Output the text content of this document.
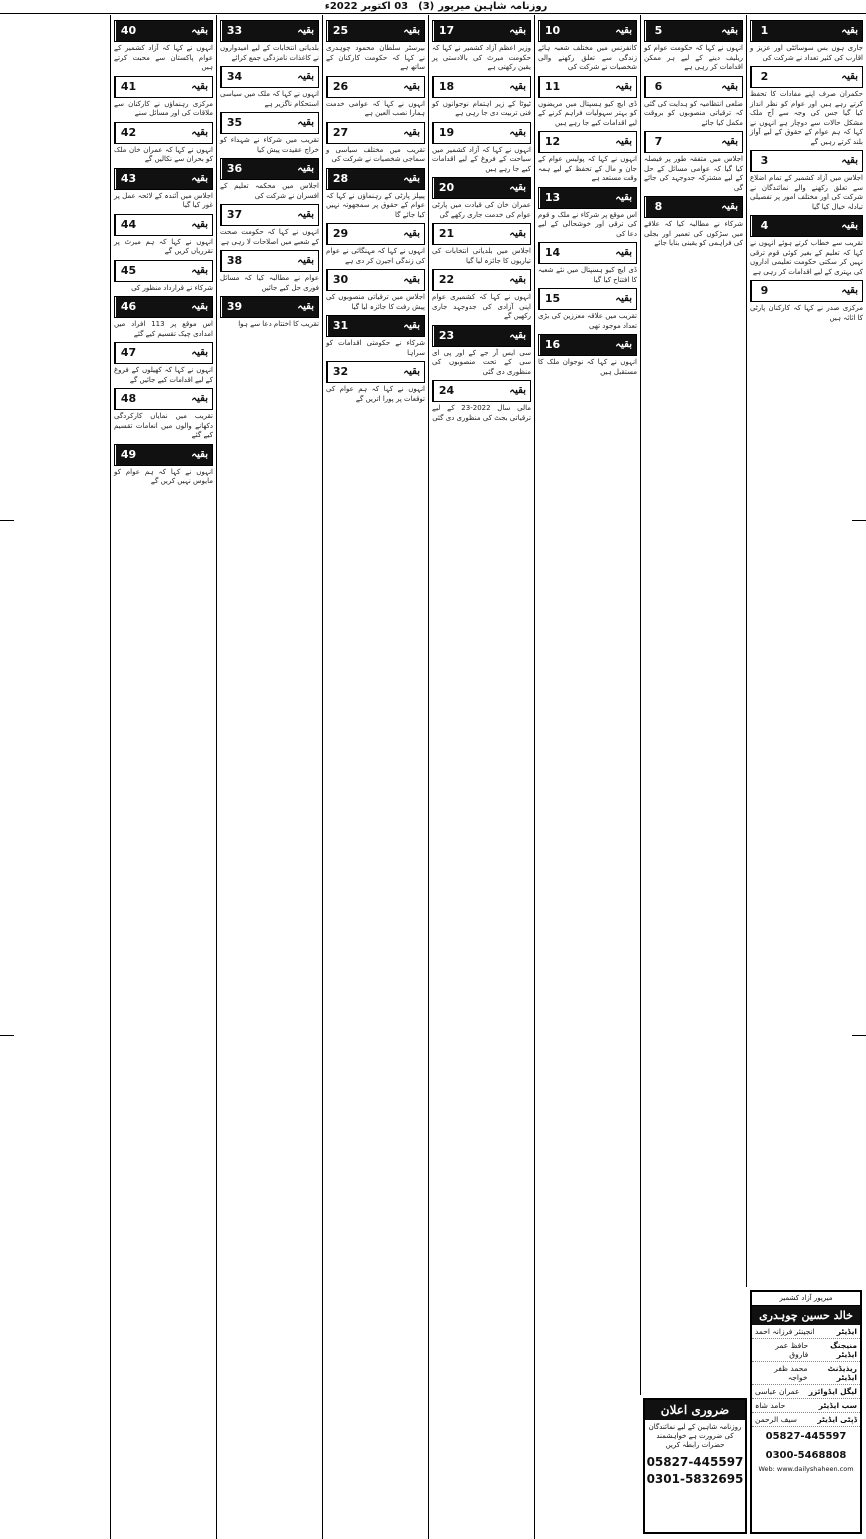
روزنامہ شاہین میرپور
(3)
03 اکتوبر 2022ء
بقیہ
1
جاری ہوں بس سوسائٹی اور عزیز و اقارب کی کثیر تعداد نے شرکت کی
بقیہ
2
حکمران صرف اپنے مفادات کا تحفظ کرتے رہے ہیں اور عوام کو نظر انداز کیا گیا جس کی وجہ سے آج ملک مشکل حالات سے دوچار ہے انہوں نے کہا کہ ہم عوام کے حقوق کے لیے آواز بلند کرتے رہیں گے
بقیہ
3
اجلاس میں آزاد کشمیر کے تمام اضلاع سے تعلق رکھنے والے نمائندگان نے شرکت کی اور مختلف امور پر تفصیلی تبادلہ خیال کیا گیا
بقیہ
4
تقریب سے خطاب کرتے ہوئے انہوں نے کہا کہ تعلیم کے بغیر کوئی قوم ترقی نہیں کر سکتی حکومت تعلیمی اداروں کی بہتری کے لیے اقدامات کر رہی ہے
بقیہ
9
مرکزی صدر نے کہا کہ کارکنان پارٹی کا اثاثہ ہیں
بقیہ
5
انہوں نے کہا کہ حکومت عوام کو ریلیف دینے کے لیے ہر ممکن اقدامات کر رہی ہے
بقیہ
6
ضلعی انتظامیہ کو ہدایت کی گئی کہ ترقیاتی منصوبوں کو بروقت مکمل کیا جائے
بقیہ
7
اجلاس میں متفقہ طور پر فیصلہ کیا گیا کہ عوامی مسائل کے حل کے لیے مشترکہ جدوجہد کی جائے گی
بقیہ
8
شرکاء نے مطالبہ کیا کہ علاقے میں سڑکوں کی تعمیر اور بجلی کی فراہمی کو یقینی بنایا جائے
بقیہ
10
کانفرنس میں مختلف شعبہ ہائے زندگی سے تعلق رکھنے والی شخصیات نے شرکت کی
بقیہ
11
ڈی ایچ کیو ہسپتال میں مریضوں کو بہتر سہولیات فراہم کرنے کے لیے اقدامات کیے جا رہے ہیں
بقیہ
12
انہوں نے کہا کہ پولیس عوام کے جان و مال کے تحفظ کے لیے ہمہ وقت مستعد ہے
بقیہ
13
اس موقع پر شرکاء نے ملک و قوم کی ترقی اور خوشحالی کے لیے دعا کی
بقیہ
14
ڈی ایچ کیو ہسپتال میں نئے شعبہ کا افتتاح کیا گیا
بقیہ
15
تقریب میں علاقہ معززین کی بڑی تعداد موجود تھی
بقیہ
16
انہوں نے کہا کہ نوجوان ملک کا مستقبل ہیں
بقیہ
17
وزیر اعظم آزاد کشمیر نے کہا کہ حکومت میرٹ کی بالادستی پر یقین رکھتی ہے
بقیہ
18
ٹیوٹا کے زیر اہتمام نوجوانوں کو فنی تربیت دی جا رہی ہے
بقیہ
19
انہوں نے کہا کہ آزاد کشمیر میں سیاحت کے فروغ کے لیے اقدامات کیے جا رہے ہیں
بقیہ
20
عمران خان کی قیادت میں پارٹی عوام کی خدمت جاری رکھے گی
بقیہ
21
اجلاس میں بلدیاتی انتخابات کی تیاریوں کا جائزہ لیا گیا
بقیہ
22
انہوں نے کہا کہ کشمیری عوام اپنی آزادی کی جدوجہد جاری رکھیں گے
بقیہ
23
سی ایس آر جے کے اور پی ای سی کے تحت منصوبوں کی منظوری دی گئی
بقیہ
24
مالی سال 2022-23 کے لیے ترقیاتی بجٹ کی منظوری دی گئی
بقیہ
25
بیرسٹر سلطان محمود چوہدری نے کہا کہ حکومت کارکنان کے ساتھ ہے
بقیہ
26
انہوں نے کہا کہ عوامی خدمت ہمارا نصب العین ہے
بقیہ
27
تقریب میں مختلف سیاسی و سماجی شخصیات نے شرکت کی
بقیہ
28
پیپلز پارٹی کے رہنماؤں نے کہا کہ عوام کے حقوق پر سمجھوتہ نہیں کیا جائے گا
بقیہ
29
انہوں نے کہا کہ مہنگائی نے عوام کی زندگی اجیرن کر دی ہے
بقیہ
30
اجلاس میں ترقیاتی منصوبوں کی پیش رفت کا جائزہ لیا گیا
بقیہ
31
شرکاء نے حکومتی اقدامات کو سراہا
بقیہ
32
انہوں نے کہا کہ ہم عوام کی توقعات پر پورا اتریں گے
بقیہ
33
بلدیاتی انتخابات کے لیے امیدواروں نے کاغذات نامزدگی جمع کرائے
بقیہ
34
انہوں نے کہا کہ ملک میں سیاسی استحکام ناگزیر ہے
بقیہ
35
تقریب میں شرکاء نے شہداء کو خراج عقیدت پیش کیا
بقیہ
36
اجلاس میں محکمہ تعلیم کے افسران نے شرکت کی
بقیہ
37
انہوں نے کہا کہ حکومت صحت کے شعبے میں اصلاحات لا رہی ہے
بقیہ
38
عوام نے مطالبہ کیا کہ مسائل فوری حل کیے جائیں
بقیہ
39
تقریب کا اختتام دعا سے ہوا
بقیہ
40
انہوں نے کہا کہ آزاد کشمیر کے عوام پاکستان سے محبت کرتے ہیں
بقیہ
41
مرکزی رہنماؤں نے کارکنان سے ملاقات کی اور مسائل سنے
بقیہ
42
انہوں نے کہا کہ عمران خان ملک کو بحران سے نکالیں گے
بقیہ
43
اجلاس میں آئندہ کے لائحہ عمل پر غور کیا گیا
بقیہ
44
انہوں نے کہا کہ ہم میرٹ پر تقرریاں کریں گے
بقیہ
45
شرکاء نے قرارداد منظور کی
بقیہ
46
اس موقع پر 113 افراد میں امدادی چیک تقسیم کیے گئے
بقیہ
47
انہوں نے کہا کہ کھیلوں کے فروغ کے لیے اقدامات کیے جائیں گے
بقیہ
48
تقریب میں نمایاں کارکردگی دکھانے والوں میں انعامات تقسیم کیے گئے
بقیہ
49
انہوں نے کہا کہ ہم عوام کو مایوس نہیں کریں گے
ضروری اعلان
روزنامہ شاہین کے لیے نمائندگان کی ضرورت ہے خواہشمند حضرات رابطہ کریں
05827-445597
0301-5832695
میرپور آزاد کشمیر
خالد حسین چوہدری
ایڈیٹر
انجینئر فرزانہ احمد
منیجنگ ایڈیٹر
حافظ عمر فاروق
ریذیڈنٹ ایڈیٹر
محمد ظفر خواجہ
لیگل ایڈوائزر
عمران عباسی
سب ایڈیٹر
حامد شاہ
ڈپٹی ایڈیٹر
سیف الرحمن
05827-445597
0300-5468808
Web: www.dailyshaheen.com
